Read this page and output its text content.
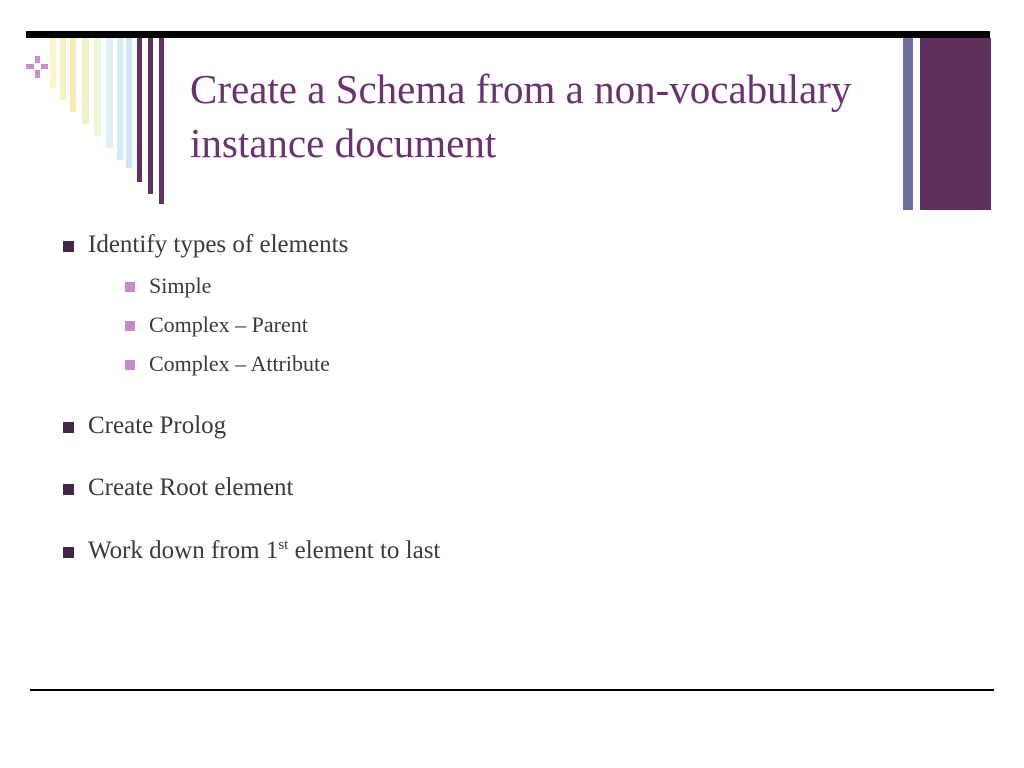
Create a Schema from a non-vocabulary instance document
Identify types of elements
Simple
Complex – Parent
Complex – Attribute
Create Prolog
Create Root element
Work down from 1st element to last
